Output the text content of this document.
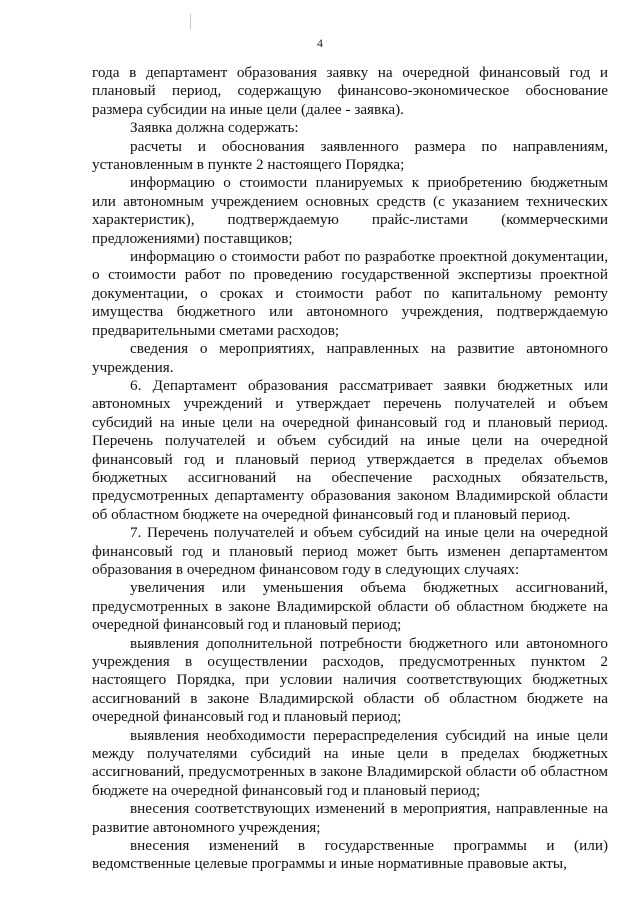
4

года в департамент образования заявку на очередной финансовый год и плановый период, содержащую финансово-экономическое обоснование размера субсидии на иные цели (далее - заявка).

Заявка должна содержать:

расчеты и обоснования заявленного размера по направлениям, установленным в пункте 2 настоящего Порядка;

информацию о стоимости планируемых к приобретению бюджетным или автономным учреждением основных средств (с указанием технических характеристик), подтверждаемую прайс-листами (коммерческими предложениями) поставщиков;

информацию о стоимости работ по разработке проектной документации, о стоимости работ по проведению государственной экспертизы проектной документации, о сроках и стоимости работ по капитальному ремонту имущества бюджетного или автономного учреждения, подтверждаемую предварительными сметами расходов;

сведения о мероприятиях, направленных на развитие автономного учреждения.

6. Департамент образования рассматривает заявки бюджетных или автономных учреждений и утверждает перечень получателей и объем субсидий на иные цели на очередной финансовый год и плановый период. Перечень получателей и объем субсидий на иные цели на очередной финансовый год и плановый период утверждается в пределах объемов бюджетных ассигнований на обеспечение расходных обязательств, предусмотренных департаменту образования законом Владимирской области об областном бюджете на очередной финансовый год и плановый период.

7. Перечень получателей и объем субсидий на иные цели на очередной финансовый год и плановый период может быть изменен департаментом образования в очередном финансовом году в следующих случаях:

увеличения или уменьшения объема бюджетных ассигнований, предусмотренных в законе Владимирской области об областном бюджете на очередной финансовый год и плановый период;

выявления дополнительной потребности бюджетного или автономного учреждения в осуществлении расходов, предусмотренных пунктом 2 настоящего Порядка, при условии наличия соответствующих бюджетных ассигнований в законе Владимирской области об областном бюджете на очередной финансовый год и плановый период;

выявления необходимости перераспределения субсидий на иные цели между получателями субсидий на иные цели в пределах бюджетных ассигнований, предусмотренных в законе Владимирской области об областном бюджете на очередной финансовый год и плановый период;

внесения соответствующих изменений в мероприятия, направленные на развитие автономного учреждения;

внесения изменений в государственные программы и (или) ведомственные целевые программы и иные нормативные правовые акты,
